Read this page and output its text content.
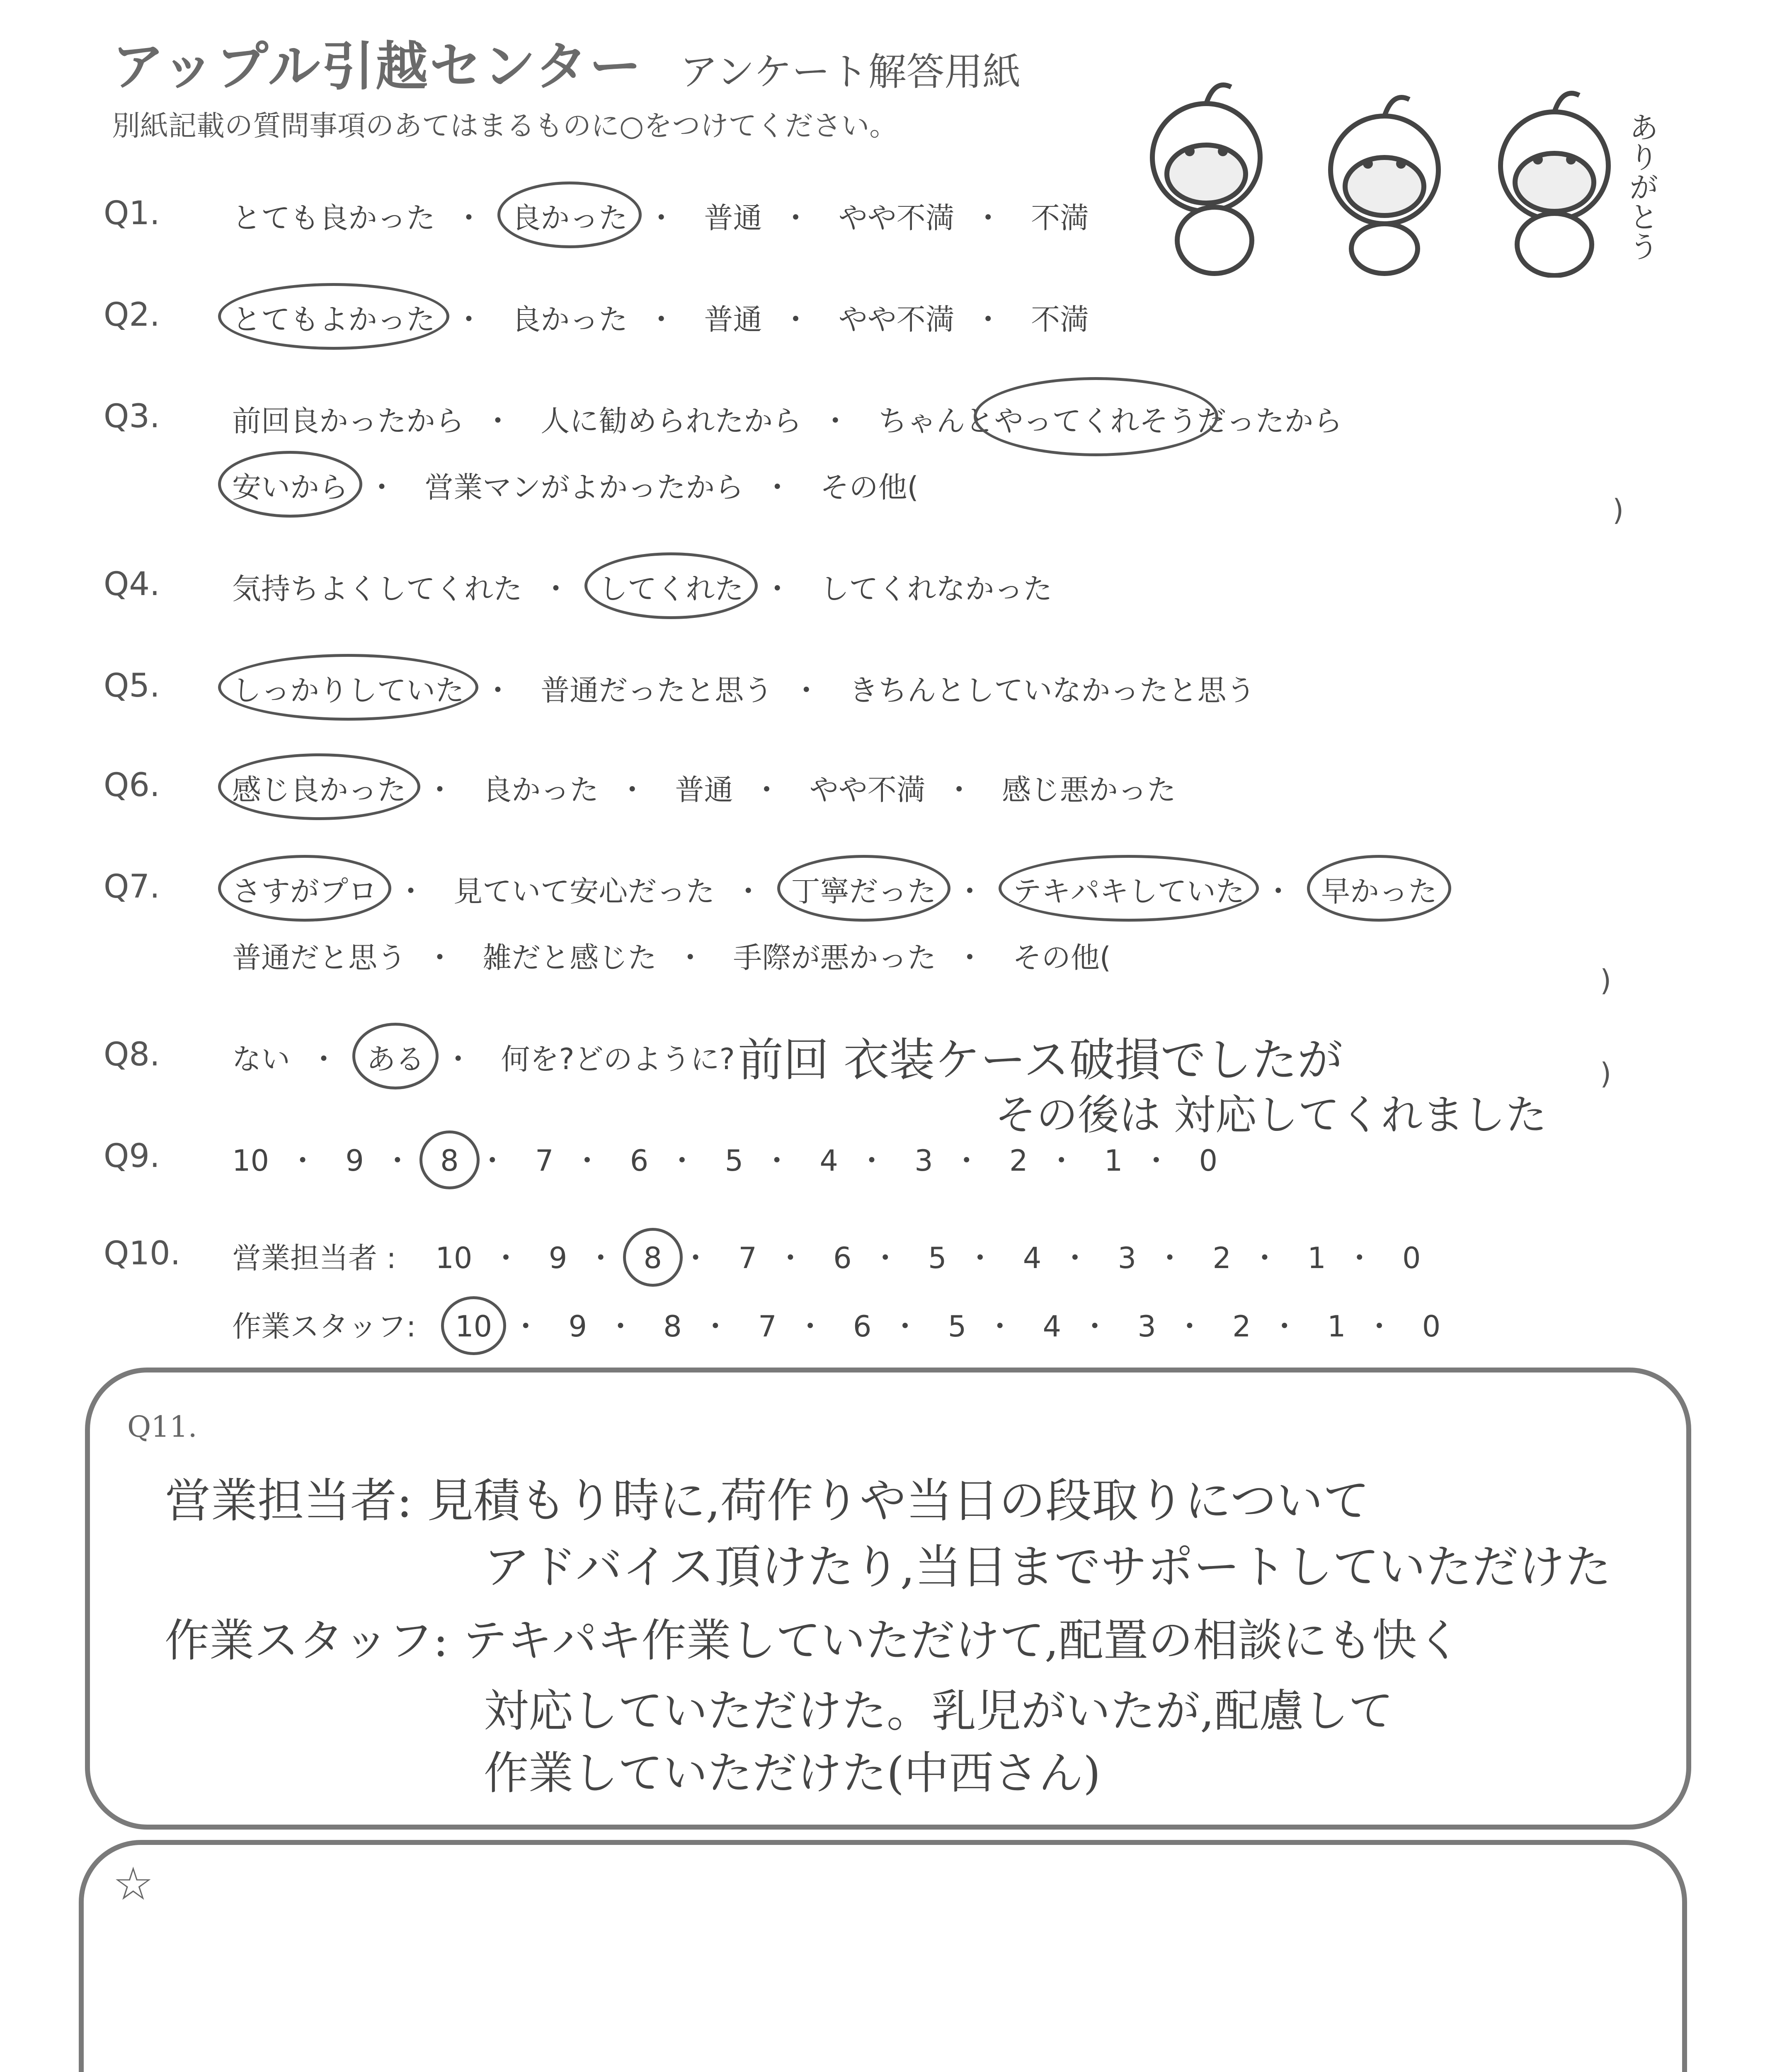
アップル引越センター アンケート解答用紙
別紙記載の質問事項のあてはまるものに○をつけてください。	ありがとう
Q1. とても良かった ・ 良かった ・ 普通 ・ やや不満 ・ 不満
Q2. とてもよかった ・ 良かった ・ 普通 ・ やや不満 ・ 不満
Q3. 前回良かったから ・ 人に勧められたから ・ ちゃんとやってくれそうだったから
安いから ・ 営業マンがよかったから ・ その他(
)
Q4. 気持ちよくしてくれた ・ してくれた ・ してくれなかった
Q5. しっかりしていた ・ 普通だったと思う ・ きちんとしていなかったと思う
Q6. 感じ良かった ・ 良かった ・ 普通 ・ やや不満 ・ 感じ悪かった
Q7. さすがプロ ・ 見ていて安心だった ・ 丁寧だった ・ テキパキしていた ・ 早かった
普通だと思う ・ 雑だと感じた ・ 手際が悪かった ・ その他(
)
Q8. ない ・ ある ・ 何を?どのように? 前回 衣装ケース破損でしたが
その後は 対応してくれました
)
Q9. 10 ・ 9 ・ 8 ・ 7 ・ 6 ・ 5 ・ 4 ・ 3 ・ 2 ・ 1 ・ 0
Q10. 営業担当者 : 10 ・ 9 ・ 8 ・ 7 ・ 6 ・ 5 ・ 4 ・ 3 ・ 2 ・ 1 ・ 0
作業スタッフ: 10 ・ 9 ・ 8 ・ 7 ・ 6 ・ 5 ・ 4 ・ 3 ・ 2 ・ 1 ・ 0
Q11.
営業担当者: 見積もり時に,荷作りや当日の段取りについて
アドバイス頂けたり,当日までサポートしていただけた
作業スタッフ: テキパキ作業していただけて,配置の相談にも快く
対応していただけた。乳児がいたが,配慮して
作業していただけた(中西さん)
☆
